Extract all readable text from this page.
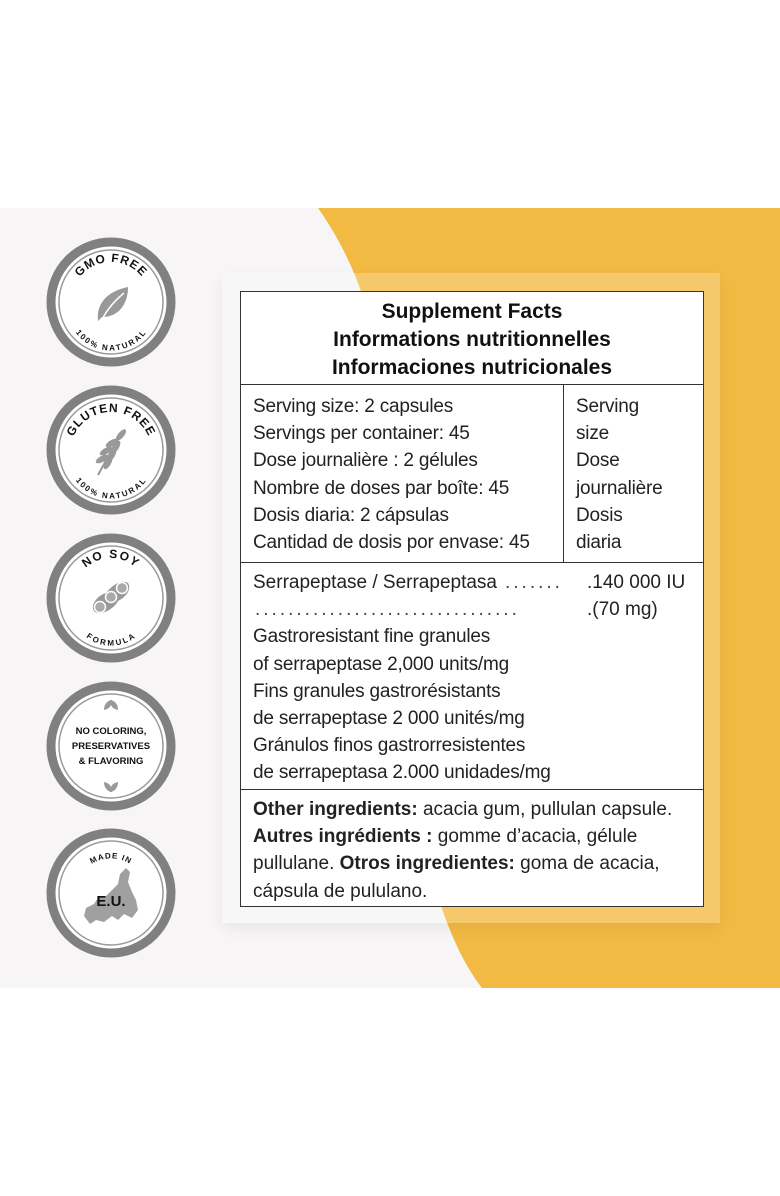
GMO FREE
100% NATURAL
GLUTEN FREE
100% NATURAL
NO SOY
FORMULA
NO COLORING,
PRESERVATIVES
& FLAVORING
MADE IN
E.U.
Supplement Facts
Informations nutritionnelles
Informaciones nutricionales
Serving size: 2 capsules
Servings per container: 45
Dose journalière : 2 gélules
Nombre de doses par boîte: 45
Dosis diaria: 2 cápsulas
Cantidad de dosis por envase: 45
Serving
size
Dose
journalière
Dosis
diaria
Serrapeptase / Serrapeptasa .......	.140 000 IU
................................	.(70 mg)
Gastroresistant fine granules
of serrapeptase 2,000 units/mg
Fins granules gastrorésistants
de serrapeptase 2 000 unités/mg
Gránulos finos gastrorresistentes
de serrapeptasa 2.000 unidades/mg
Other ingredients: acacia gum, pullulan capsule.
Autres ingrédients : gomme d’acacia, gélule pullulane. Otros ingredientes: goma de acacia, cápsula de pululano.
